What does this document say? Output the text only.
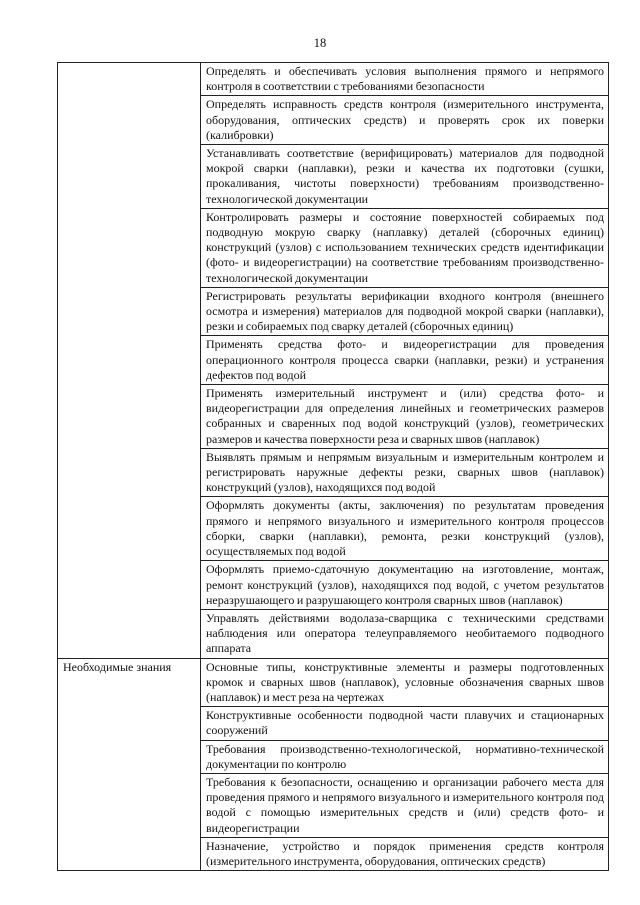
18

	Определять и обеспечивать условия выполнения прямого и непрямого контроля в соответствии с требованиями безопасности

	Определять исправность средств контроля (измерительного инструмента, оборудования, оптических средств) и проверять срок их поверки (калибровки)

	Устанавливать соответствие (верифицировать) материалов для подводной мокрой сварки (наплавки), резки и качества их подготовки (сушки, прокаливания, чистоты поверхности) требованиям производственно-технологической документации

	Контролировать размеры и состояние поверхностей собираемых под подводную мокрую сварку (наплавку) деталей (сборочных единиц) конструкций (узлов) с использованием технических средств идентификации (фото- и видеорегистрации) на соответствие требованиям производственно-технологической документации

	Регистрировать результаты верификации входного контроля (внешнего осмотра и измерения) материалов для подводной мокрой сварки (наплавки), резки и собираемых под сварку деталей (сборочных единиц)

	Применять средства фото- и видеорегистрации для проведения операционного контроля процесса сварки (наплавки, резки) и устранения дефектов под водой

	Применять измерительный инструмент и (или) средства фото- и видеорегистрации для определения линейных и геометрических размеров собранных и сваренных под водой конструкций (узлов), геометрических размеров и качества поверхности реза и сварных швов (наплавок)

	Выявлять прямым и непрямым визуальным и измерительным контролем и регистрировать наружные дефекты резки, сварных швов (наплавок) конструкций (узлов), находящихся под водой

	Оформлять документы (акты, заключения) по результатам проведения прямого и непрямого визуального и измерительного контроля процессов сборки, сварки (наплавки), ремонта, резки конструкций (узлов), осуществляемых под водой

	Оформлять приемо-сдаточную документацию на изготовление, монтаж, ремонт конструкций (узлов), находящихся под водой, с учетом результатов неразрушающего и разрушающего контроля сварных швов (наплавок)

	Управлять действиями водолаза-сварщика с техническими средствами наблюдения или оператора телеуправляемого необитаемого подводного аппарата

Необходимые знания	Основные типы, конструктивные элементы и размеры подготовленных кромок и сварных швов (наплавок), условные обозначения сварных швов (наплавок) и мест реза на чертежах

	Конструктивные особенности подводной части плавучих и стационарных сооружений

	Требования производственно-технологической, нормативно-технической документации по контролю

	Требования к безопасности, оснащению и организации рабочего места для проведения прямого и непрямого визуального и измерительного контроля под водой с помощью измерительных средств и (или) средств фото- и видеорегистрации

	Назначение, устройство и порядок применения средств контроля (измерительного инструмента, оборудования, оптических средств)
